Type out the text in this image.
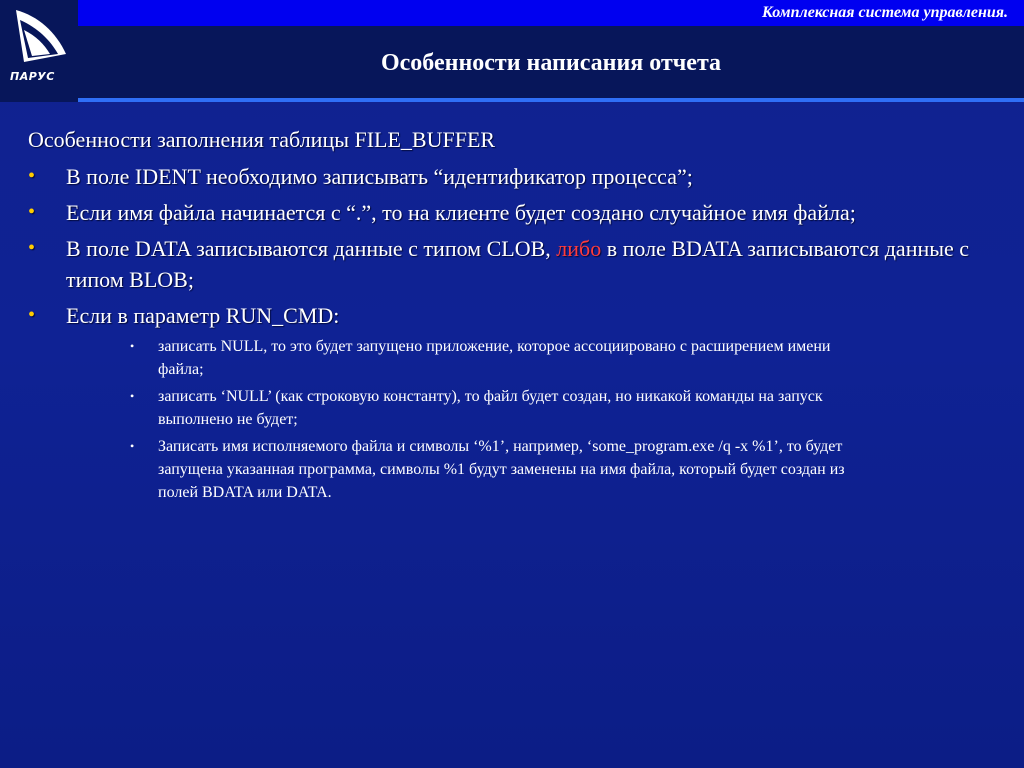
ПАРУС
Комплексная система управления.
Особенности написания отчета
Особенности заполнения таблицы FILE_BUFFER
• В поле IDENT необходимо записывать “идентификатор процесса”;
• Если имя файла начинается с “.”, то на клиенте будет создано случайное имя файла;
• В поле DATA записываются данные с типом CLOB, либо в поле BDATA записываются данные с типом BLOB;
• Если в параметр RUN_CMD:
• записать NULL, то это будет запущено приложение, которое ассоциировано с расширением имени файла;
• записать ‘NULL’ (как строковую константу), то файл будет создан, но никакой команды на запуск выполнено не будет;
• Записать имя исполняемого файла и символы ‘%1’, например, ‘some_program.exe /q -x %1’, то будет запущена указанная программа, символы %1 будут заменены на имя файла, который будет создан из полей BDATA или DATA.
